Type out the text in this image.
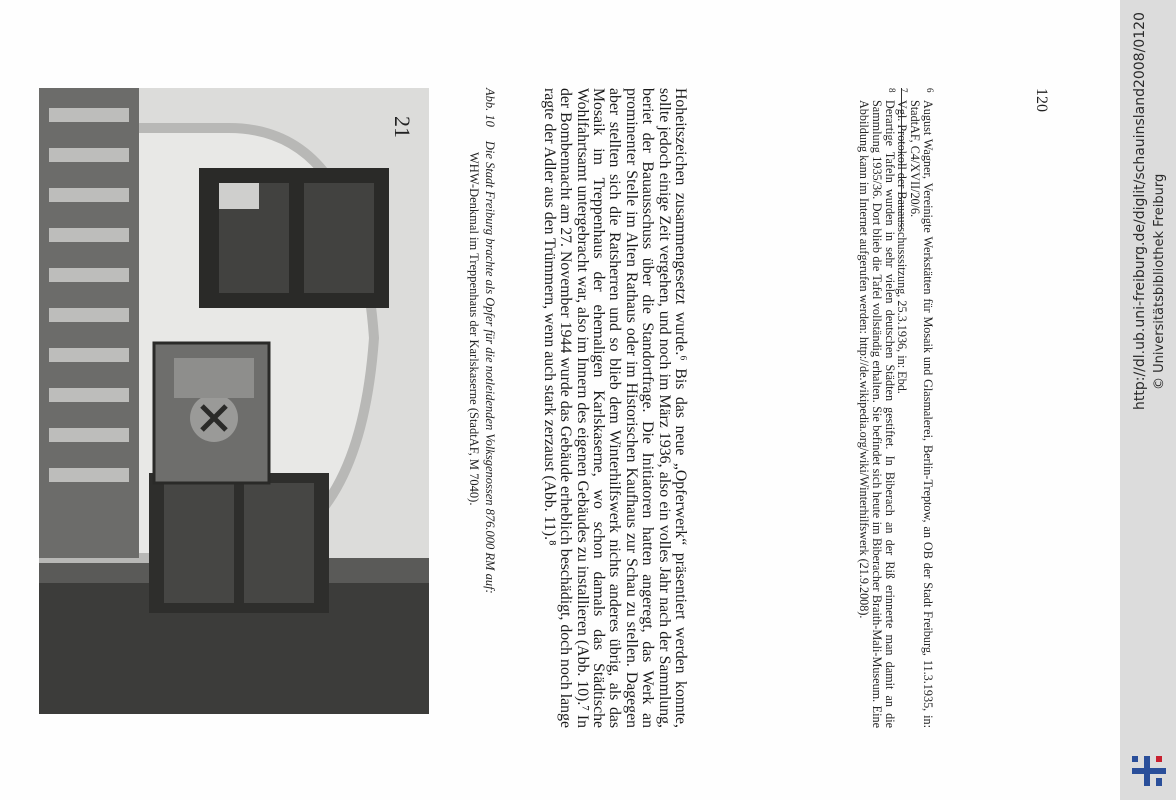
21
Abb. 10Die Stadt Freiburg brachte als Opfer für die notleidenden Volksgenossen 876.000 RM auf:
WHW-Denkmal im Treppenhaus der Karlskaserne (StadtAF, M 7040).	Hoheitszeichen zusammengesetzt wurde.⁶ Bis das neue „Opferwerk“ präsentiert werden konnte, sollte jedoch einige Zeit vergehen, und noch im März 1936, also ein volles Jahr nach der Sammlung, beriet der Bauausschuss über die Standortfrage. Die Initiatoren hatten angeregt, das Werk an prominenter Stelle im Alten Rathaus oder im Historischen Kaufhaus zur Schau zu stellen. Dagegen aber stellten sich die Ratsherren und so blieb dem Winterhilfswerk nichts anderes übrig, als das Mosaik im Treppenhaus der ehemaligen Karlskaserne, wo schon damals das Städtische Wohlfahrtsamt untergebracht war, also im Innern des eigenen Gebäudes zu installieren (Abb. 10).⁷ In der Bombennacht am 27. November 1944 wurde das Gebäude erheblich beschädigt, doch noch lange ragte der Adler aus den Trümmern, wenn auch stark zerzaust (Abb. 11).⁸	6
August Wagner, Vereinigte Werkstätten für Mosaik und Glasmalerei, Berlin-Treptow, an OB der Stadt Freiburg, 11.3.1935, in: StadtAF, C4/XVII/20/6.
7
Vgl. Protokoll der Bauausschusssitzung, 25.3.1936, in: Ebd.
8
Derartige Tafeln wurden in sehr vielen deutschen Städten gestiftet. In Biberach an der Riß erinnerte man damit an die Sammlung 1935/36. Dort blieb die Tafel vollständig erhalten. Sie befindet sich heute im Biberacher Braith-Mali-Museum. Eine Abbildung kann im Internet aufgerufen werden: http://de.wikipedia.org/wiki/Winterhilfswerk (21.9.2008).	120	http://dl.ub.uni-freiburg.de/diglit/schauinsland2008/0120 © Universitätsbibliothek Freiburg
